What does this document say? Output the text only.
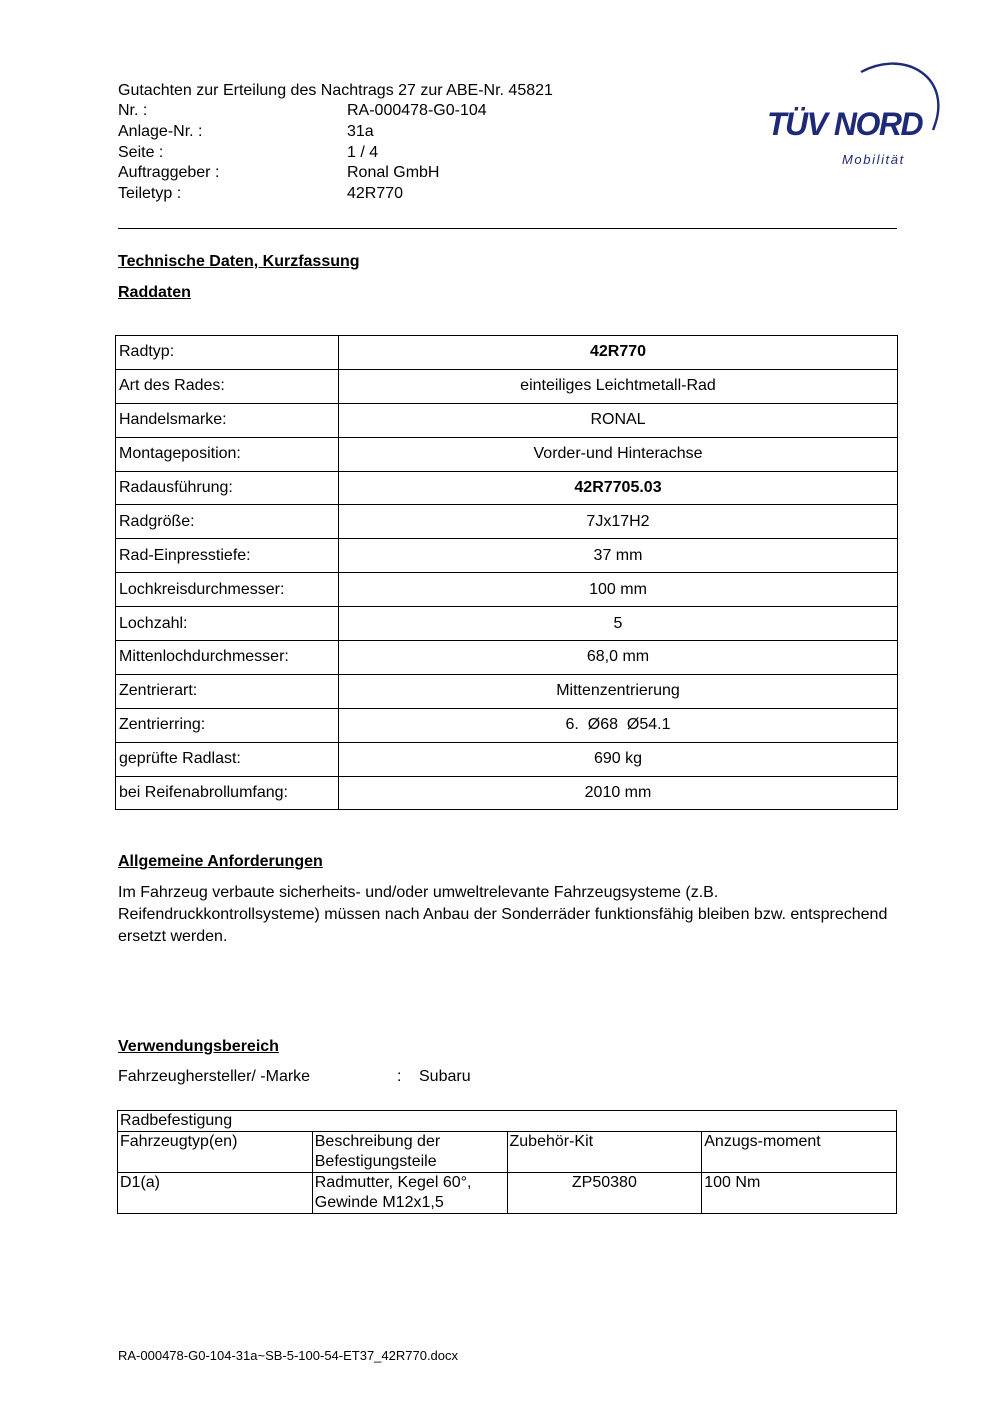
Gutachten zur Erteilung des Nachtrags 27 zur ABE-Nr. 45821
Nr. :	RA-000478-G0-104
Anlage-Nr. :	31a
Seite :	1 / 4
Auftraggeber :	Ronal GmbH
Teiletyp :	42R770
TÜV NORD
Mobilität
Technische Daten, Kurzfassung
Raddaten
Radtyp:	42R770
Art des Rades:	einteiliges Leichtmetall-Rad
Handelsmarke:	RONAL
Montageposition:	Vorder-und Hinterachse
Radausführung:	42R7705.03
Radgröße:	7Jx17H2
Rad-Einpresstiefe:	37 mm
Lochkreisdurchmesser:	100 mm
Lochzahl:	5
Mittenlochdurchmesser:	68,0 mm
Zentrierart:	Mittenzentrierung
Zentrierring:	6.  Ø68  Ø54.1
geprüfte Radlast:	690 kg
bei Reifenabrollumfang:	2010 mm
Allgemeine Anforderungen
Im Fahrzeug verbaute sicherheits- und/oder umweltrelevante Fahrzeugsysteme (z.B. Reifendruckkontrollsysteme) müssen nach Anbau der Sonderräder funktionsfähig bleiben bzw. entsprechend ersetzt werden.
Verwendungsbereich
Fahrzeughersteller/ -Marke	:	Subaru
Radbefestigung			
Fahrzeugtyp(en)	Beschreibung der Befestigungsteile	Zubehör-Kit	Anzugs-moment
D1(a)	Radmutter, Kegel 60°, Gewinde M12x1,5	ZP50380	100 Nm
RA-000478-G0-104-31a~SB-5-100-54-ET37_42R770.docx
